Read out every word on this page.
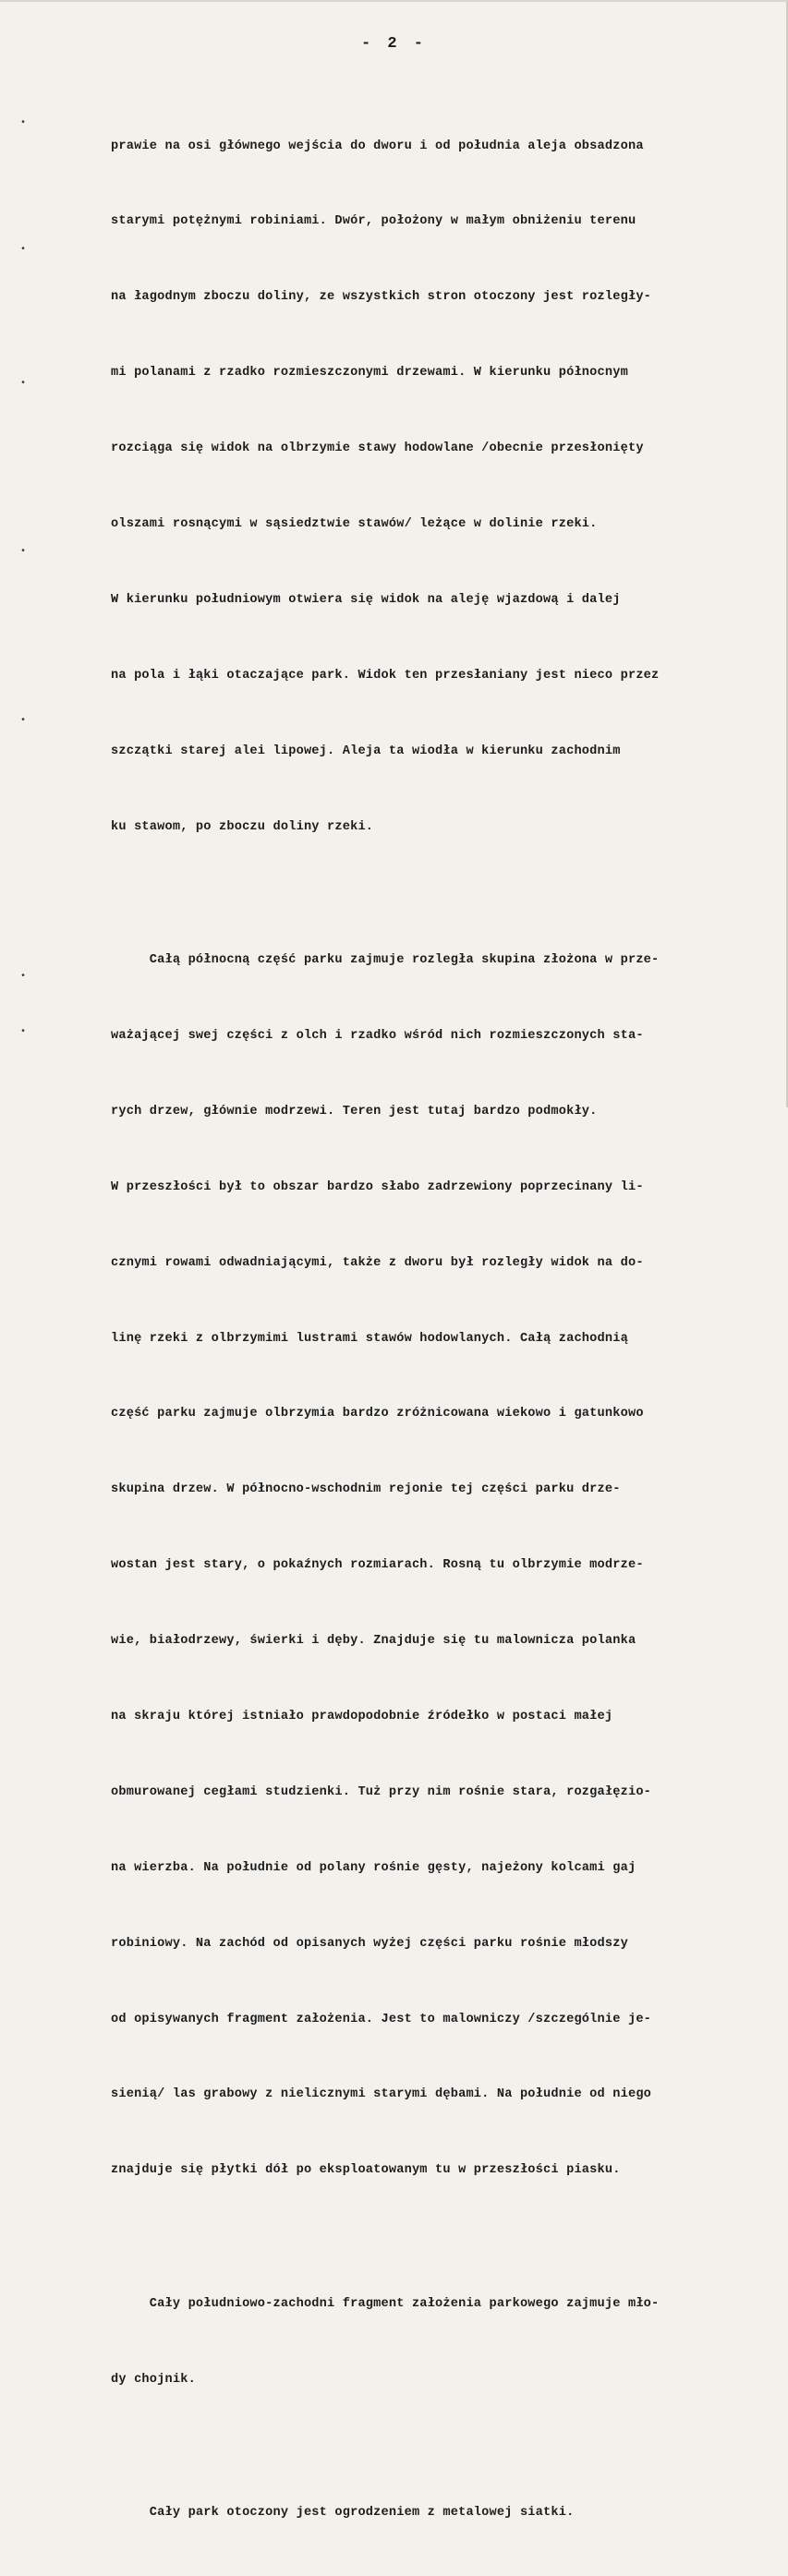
- 2 -
•
•
•
•
•
•
•

prawie na osi głównego wejścia do dworu i od południa aleja obsadzona

starymi potężnymi robiniami. Dwór, położony w małym obniżeniu terenu

na łagodnym zboczu doliny, ze wszystkich stron otoczony jest rozległy-

mi polanami z rzadko rozmieszczonymi drzewami. W kierunku północnym

rozciąga się widok na olbrzymie stawy hodowlane /obecnie przesłonięty

olszami rosnącymi w sąsiedztwie stawów/ leżące w dolinie rzeki.

W kierunku południowym otwiera się widok na aleję wjazdową i dalej

na pola i łąki otaczające park. Widok ten przesłaniany jest nieco przez

szczątki starej alei lipowej. Aleja ta wiodła w kierunku zachodnim

ku stawom, po zboczu doliny rzeki.

Całą północną część parku zajmuje rozległa skupina złożona w prze-

ważającej swej części z olch i rzadko wśród nich rozmieszczonych sta-

rych drzew, głównie modrzewi. Teren jest tutaj bardzo podmokły.

W przeszłości był to obszar bardzo słabo zadrzewiony poprzecinany li-

cznymi rowami odwadniającymi, także z dworu był rozległy widok na do-

linę rzeki z olbrzymimi lustrami stawów hodowlanych. Całą zachodnią

część parku zajmuje olbrzymia bardzo zróżnicowana wiekowo i gatunkowo

skupina drzew. W północno-wschodnim rejonie tej części parku drze-

wostan jest stary, o pokaźnych rozmiarach. Rosną tu olbrzymie modrze-

wie, białodrzewy, świerki i dęby. Znajduje się tu malownicza polanka

na skraju której istniało prawdopodobnie źródełko w postaci małej

obmurowanej cegłami studzienki. Tuż przy nim rośnie stara, rozgałęzio-

na wierzba. Na południe od polany rośnie gęsty, najeżony kolcami gaj

robiniowy. Na zachód od opisanych wyżej części parku rośnie młodszy

od opisywanych fragment założenia. Jest to malowniczy /szczególnie je-

sienią/ las grabowy z nielicznymi starymi dębami. Na południe od niego

znajduje się płytki dół po eksploatowanym tu w przeszłości piasku.

Cały południowo-zachodni fragment założenia parkowego zajmuje mło-

dy chojnik.

Cały park otoczony jest ogrodzeniem z metalowej siatki.
